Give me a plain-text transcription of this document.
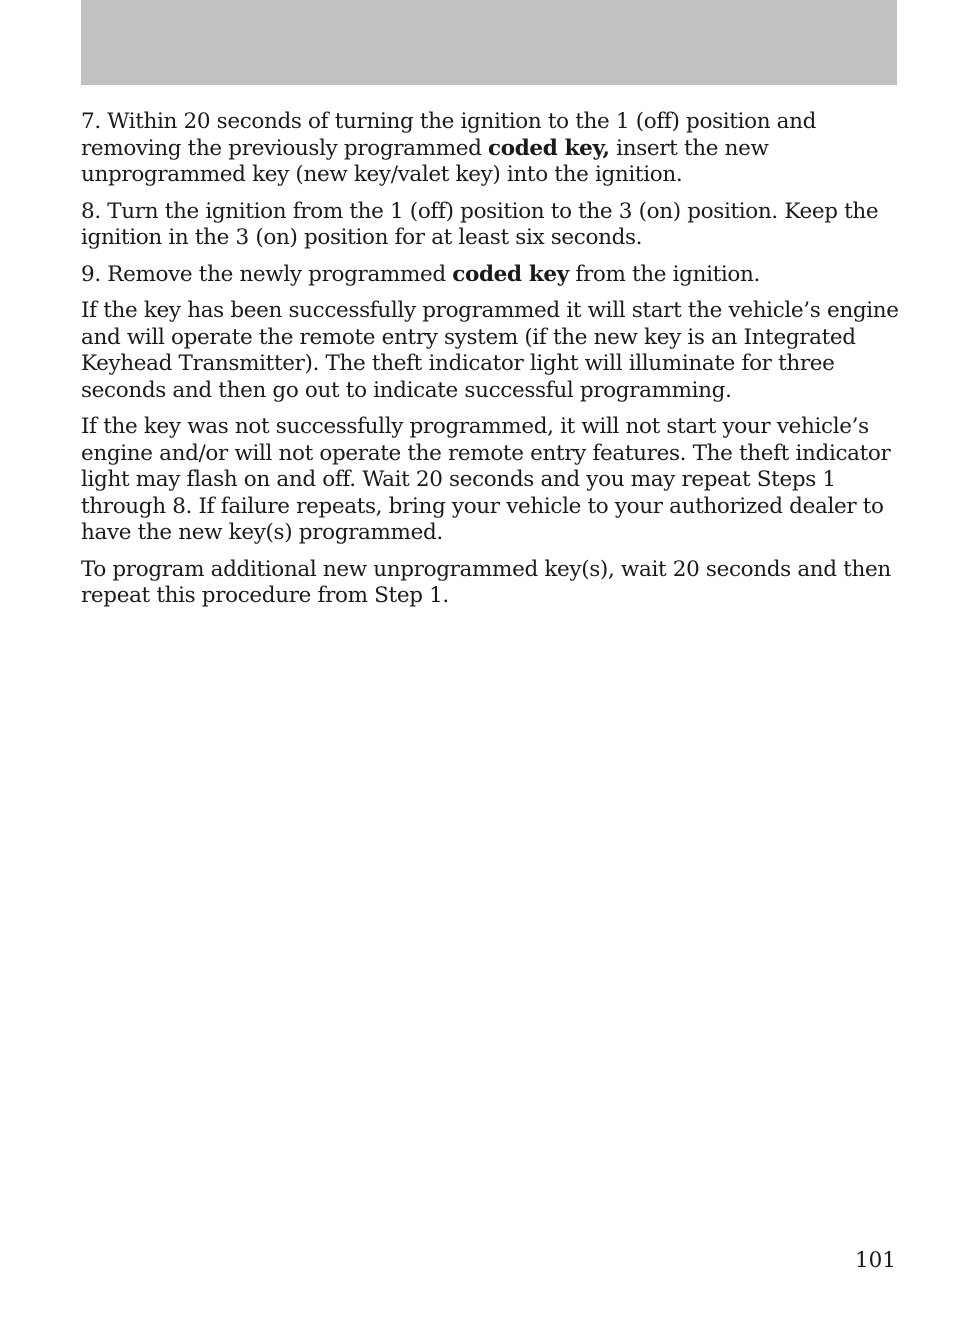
7. Within 20 seconds of turning the ignition to the 1 (off) position and removing the previously programmed coded key, insert the new unprogrammed key (new key/valet key) into the ignition.

8. Turn the ignition from the 1 (off) position to the 3 (on) position. Keep the ignition in the 3 (on) position for at least six seconds.

9. Remove the newly programmed coded key from the ignition.

If the key has been successfully programmed it will start the vehicle’s engine and will operate the remote entry system (if the new key is an Integrated Keyhead Transmitter). The theft indicator light will illuminate for three seconds and then go out to indicate successful programming.

If the key was not successfully programmed, it will not start your vehicle’s engine and/or will not operate the remote entry features. The theft indicator light may flash on and off. Wait 20 seconds and you may repeat Steps 1 through 8. If failure repeats, bring your vehicle to your authorized dealer to have the new key(s) programmed.

To program additional new unprogrammed key(s), wait 20 seconds and then repeat this procedure from Step 1.

101
